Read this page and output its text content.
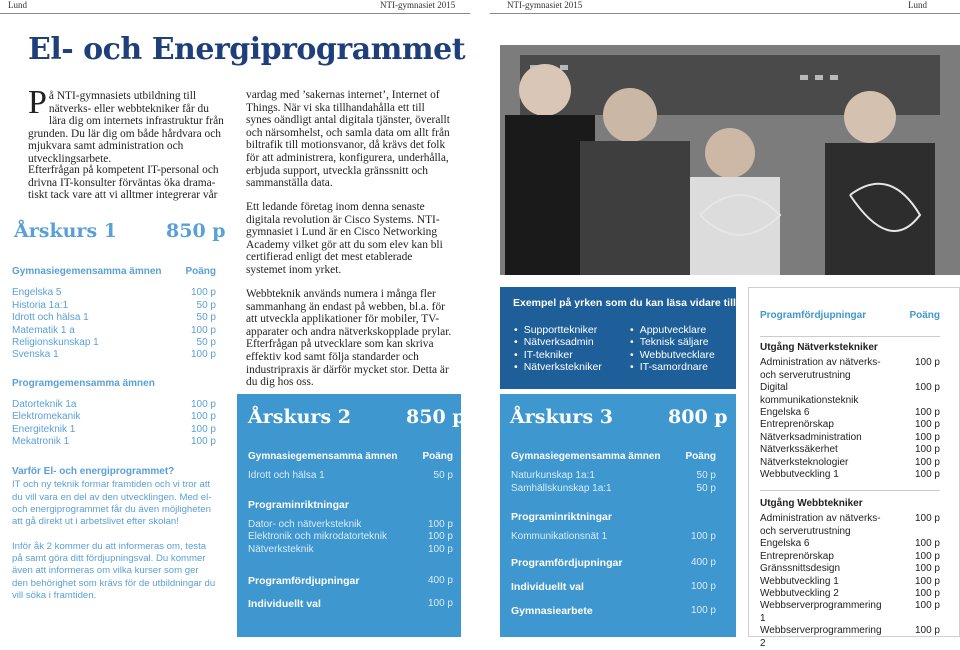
Lund	NTI-gymnasiet 2015	NTI-gymnasiet 2015	Lund
El- och Energiprogrammet
På NTI-gymnasiets utbildning till nätverks- eller webbtekniker får du lära dig om internets infrastruktur från grunden. Du lär dig om både hårdvara och mjukvara samt administration och utvecklingsarbete.
Efterfrågan på kompetent IT-personal och drivna IT-konsulter förväntas öka drama- tiskt tack vare att vi alltmer integrerar vår
Årskurs 1	850 p
Gymnasiegemensamma ämnen Poäng
Engelska 5	100 p
Historia 1a:1	50 p
Idrott och hälsa 1	50 p
Matematik 1 a	100 p
Religionskunskap 1	50 p
Svenska 1	100 p
Programgemensamma ämnen
Datorteknik 1a	100 p
Elektromekanik	100 p
Energiteknik 1	100 p
Mekatronik 1	100 p
Varför El- och energiprogrammet?
IT och ny teknik formar framtiden och vi tror att du vill vara en del av den utvecklingen. Med el- och energiprogrammet får du även möjligheten att gå direkt ut i arbetslivet efter skolan!
Inför åk 2 kommer du att informeras om, testa på samt göra ditt fördjupningsval. Du kommer även att informeras om vilka kurser som ger den behörighet som krävs för de utbildningar du vill söka i framtiden.
vardag med ’sakernas internet’, Internet of Things. När vi ska tillhandahålla ett till synes oändligt antal digitala tjänster, överallt och närsomhelst, och samla data om allt från biltrafik till motionsvanor, då krävs det folk för att administrera, konfigurera, underhålla, erbjuda support, utveckla gränssnitt och sammanställa data.
Ett ledande företag inom denna senaste digitala revolution är Cisco Systems. NTI-gymnasiet i Lund är en Cisco Networking Academy vilket gör att du som elev kan bli certifierad enligt det mest etablerade systemet inom yrket.
Webbteknik används numera i många fler sammanhang än endast på webben, bl.a. för att utveckla applikationer för mobiler, TV-apparater och andra nätverkskopplade prylar. Efterfrågan på utvecklare som kan skriva effektiv kod samt följa standarder och industripraxis är därför mycket stor. Detta är du dig hos oss.
Årskurs 2	850 p
Gymnasiegemensamma ämnen Poäng
Idrott och hälsa 1	50 p
Programinriktningar
Dator- och nätverksteknik	100 p
Elektronik och mikrodatorteknik	100 p
Nätverksteknik	100 p
Programfördjupningar	400 p
Individuellt val	100 p
Exempel på yrken som du kan läsa vidare till:
• Supporttekniker
• Nätverksadmin
• IT-tekniker
• Nätverkstekniker
• Apputvecklare
• Teknisk säljare
• Webbutvecklare
• IT-samordnare
Årskurs 3	800 p
Gymnasiegemensamma ämnen Poäng
Naturkunskap 1a:1	50 p
Samhällskunskap 1a:1	50 p
Programinriktningar
Kommunikationsnät 1	100 p
Programfördjupningar	400 p
Individuellt val	100 p
Gymnasiearbete	100 p
Programfördjupningar	Poäng
Utgång Nätverkstekniker
Administration av nätverks- och serverutrustning
100 p
Digital kommunikationsteknik
100 p
Engelska 6	100 p
Entreprenörskap	100 p
Nätverksadministration	100 p
Nätverkssäkerhet	100 p
Nätverksteknologier	100 p
Webbutveckling 1	100 p
Utgång Webbtekniker
Administration av nätverks- och serverutrustning
100 p
Engelska 6	100 p
Entreprenörskap	100 p
Gränssnittsdesign	100 p
Webbutveckling 1	100 p
Webbutveckling 2	100 p
Webbserverprogrammering 1
100 p
Webbserverprogrammering 2
100 p
